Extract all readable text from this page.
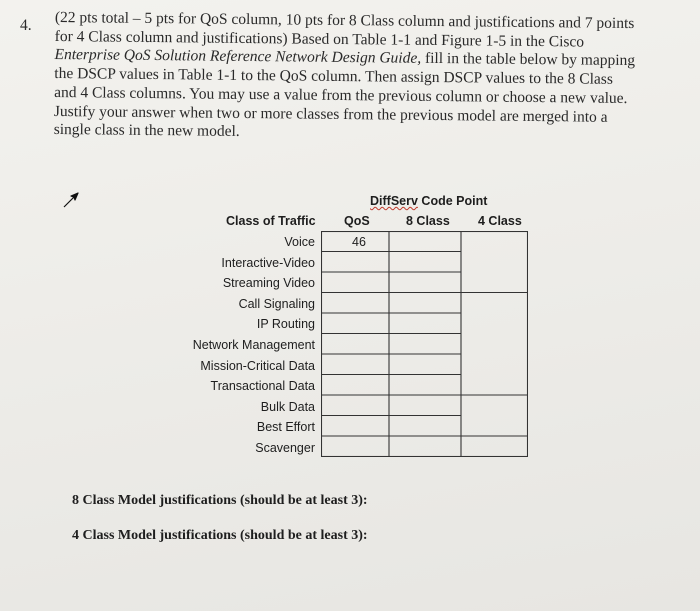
4. (22 pts total – 5 pts for QoS column, 10 pts for 8 Class column and justifications and 7 points
for 4 Class column and justifications) Based on Table 1-1 and Figure 1-5 in the Cisco
Enterprise QoS Solution Reference Network Design Guide, fill in the table below by mapping
the DSCP values in Table 1-1 to the QoS column. Then assign DSCP values to the 8 Class
and 4 Class columns. You may use a value from the previous column or choose a new value.
Justify your answer when two or more classes from the previous model are merged into a
single class in the new model.
DiffServ Code Point
Class of Traffic QoS	8 Class 4 Class
Voice
Interactive-Video
Streaming Video
Call Signaling
IP Routing
Network Management
Mission-Critical Data
Transactional Data
Bulk Data
Best Effort
Scavenger
46
8 Class Model justifications (should be at least 3):
4 Class Model justifications (should be at least 3):
